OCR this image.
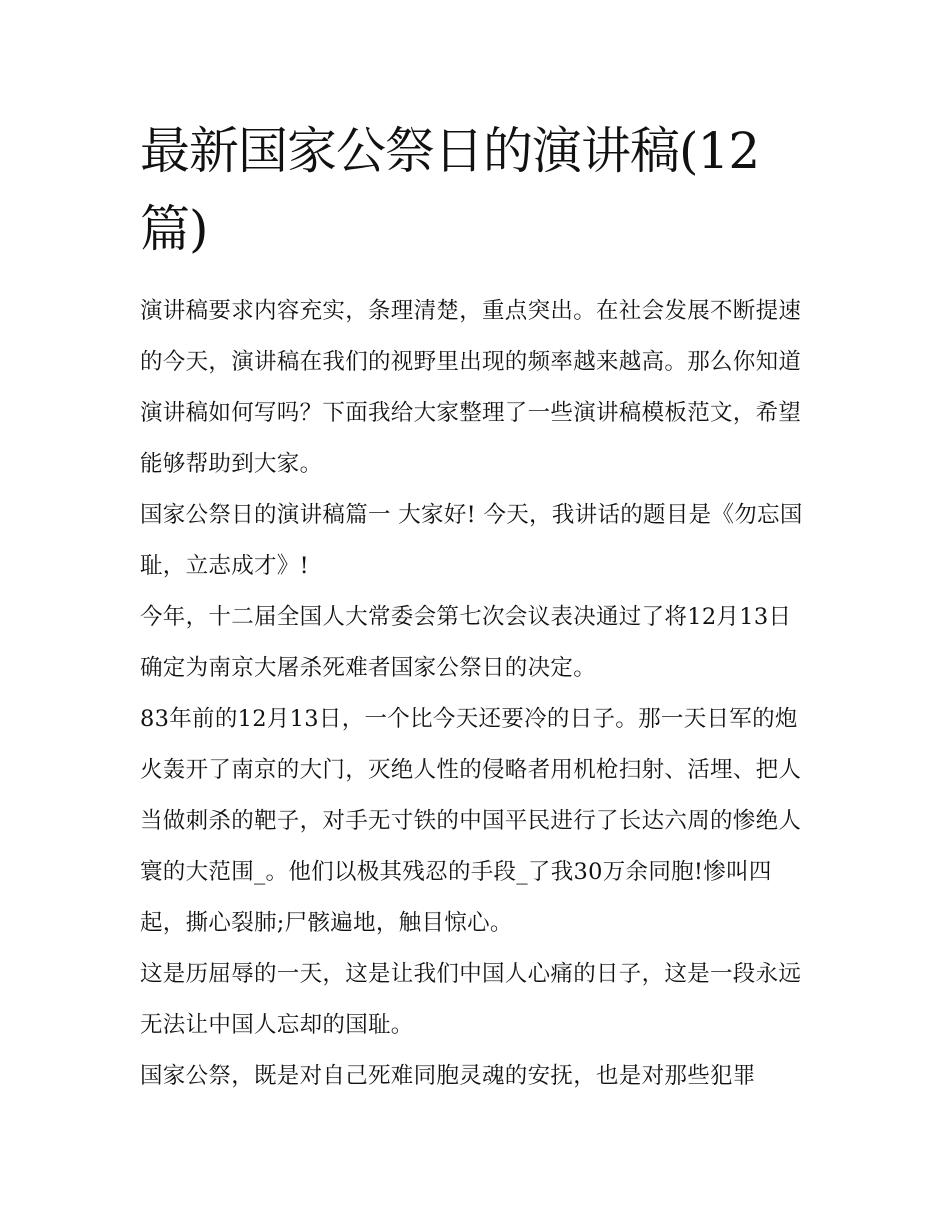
最新国家公祭日的演讲稿(12篇)

演讲稿要求内容充实，条理清楚，重点突出。在社会发展不断提速的今天，演讲稿在我们的视野里出现的频率越来越高。那么你知道演讲稿如何写吗？下面我给大家整理了一些演讲稿模板范文，希望能够帮助到大家。

国家公祭日的演讲稿篇一 大家好! 今天，我讲话的题目是《勿忘国耻，立志成才》!

今年，十二届全国人大常委会第七次会议表决通过了将12月13日确定为南京大屠杀死难者国家公祭日的决定。

83年前的12月13日，一个比今天还要冷的日子。那一天日军的炮火轰开了南京的大门，灭绝人性的侵略者用机枪扫射、活埋、把人当做刺杀的靶子，对手无寸铁的中国平民进行了长达六周的惨绝人寰的大范围_。他们以极其残忍的手段_了我30万余同胞!惨叫四起，撕心裂肺;尸骸遍地，触目惊心。

这是历屈辱的一天，这是让我们中国人心痛的日子，这是一段永远无法让中国人忘却的国耻。

国家公祭，既是对自己死难同胞灵魂的安抚，也是对那些犯罪
